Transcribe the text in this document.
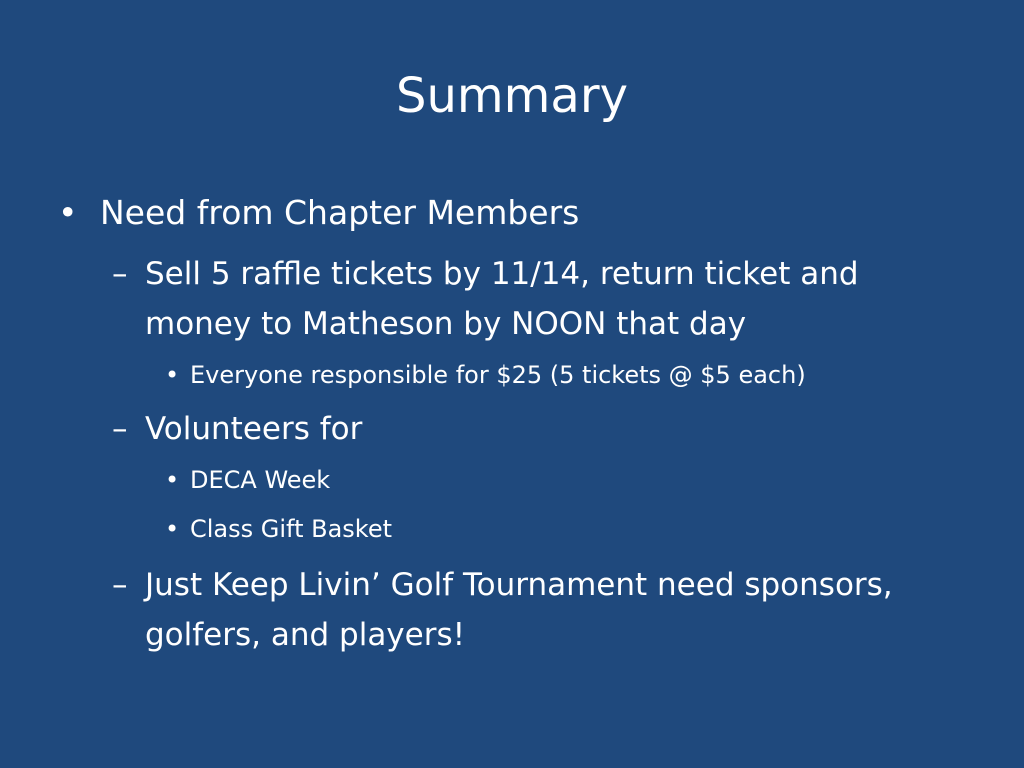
Summary
• Need from Chapter Members
– Sell 5 raffle tickets by 11/14, return ticket and
money to Matheson by NOON that day
• Everyone responsible for $25 (5 tickets @ $5 each)
– Volunteers for
• DECA Week
• Class Gift Basket
– Just Keep Livin’ Golf Tournament need sponsors,
golfers, and players!
